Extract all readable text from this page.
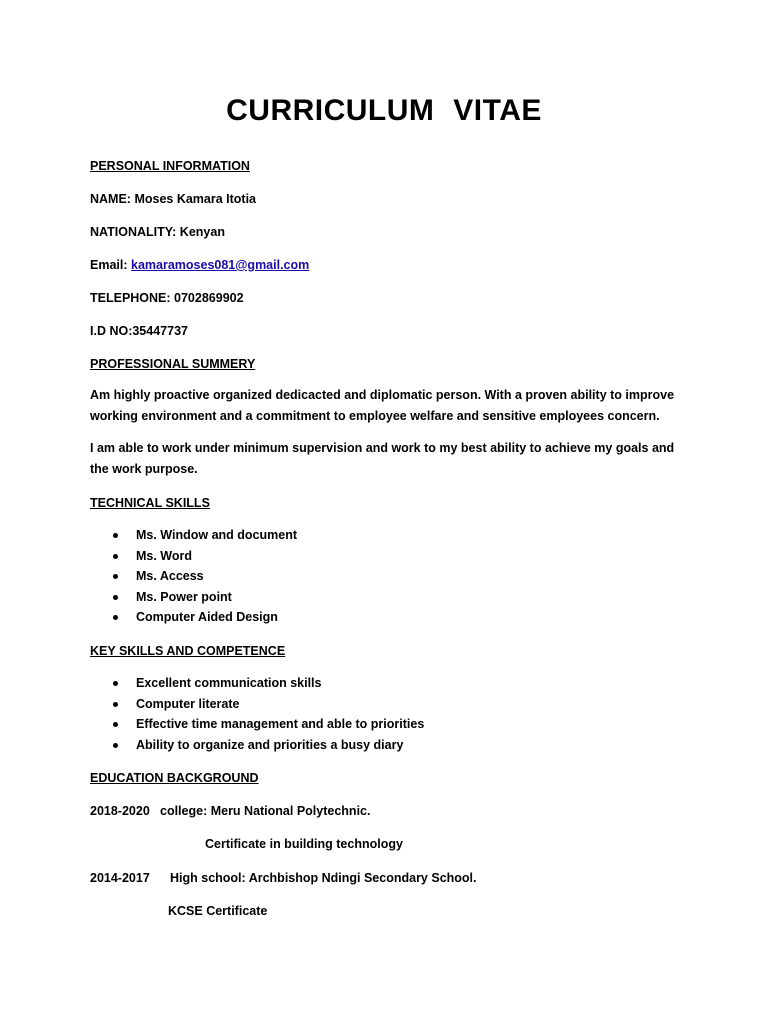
CURRICULUM VITAE
PERSONAL INFORMATION
NAME: Moses Kamara Itotia
NATIONALITY: Kenyan
Email: kamaramoses081@gmail.com
TELEPHONE: 0702869902
I.D NO:35447737
PROFESSIONAL SUMMERY
Am highly proactive organized dedicacted and diplomatic person. With a proven ability to improve working environment and a commitment to employee welfare and sensitive employees concern.
I am able to work under minimum supervision and work to my best ability to achieve my goals and the work purpose.
TECHNICAL SKILLS
Ms. Window and document
Ms. Word
Ms. Access
Ms. Power point
Computer Aided Design
KEY SKILLS AND COMPETENCE
Excellent communication skills
Computer literate
Effective time management and able to priorities
Ability to organize and priorities a busy diary
EDUCATION BACKGROUND
2018-2020 college: Meru National Polytechnic.
Certificate in building technology
2014-2017 High school: Archbishop Ndingi Secondary School.
KCSE Certificate
